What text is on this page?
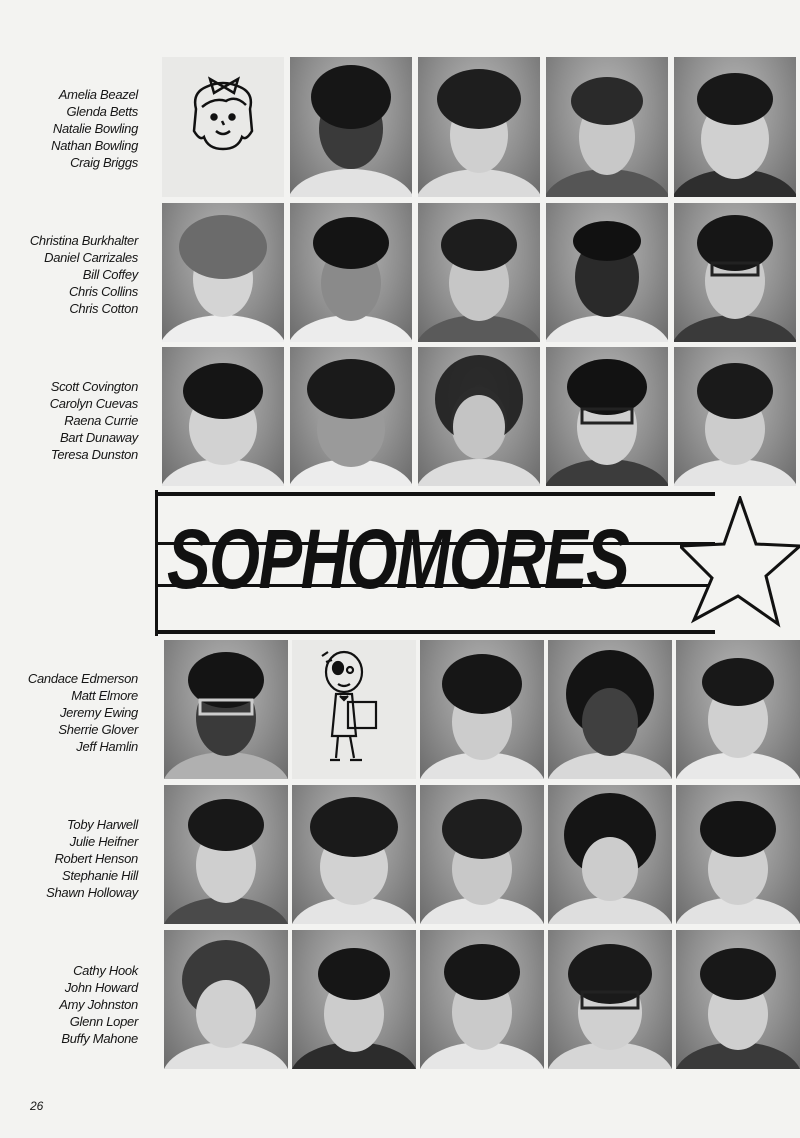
Amelia Beazel
Glenda Betts
Natalie Bowling
Nathan Bowling
Craig Briggs
Christina Burkhalter
Daniel Carrizales
Bill Coffey
Chris Collins
Chris Cotton
Scott Covington
Carolyn Cuevas
Raena Currie
Bart Dunaway
Teresa Dunston
SOPHOMORES
Candace Edmerson
Matt Elmore
Jeremy Ewing
Sherrie Glover
Jeff Hamlin
Toby Harwell
Julie Heifner
Robert Henson
Stephanie Hill
Shawn Holloway
Cathy Hook
John Howard
Amy Johnston
Glenn Loper
Buffy Mahone
26
